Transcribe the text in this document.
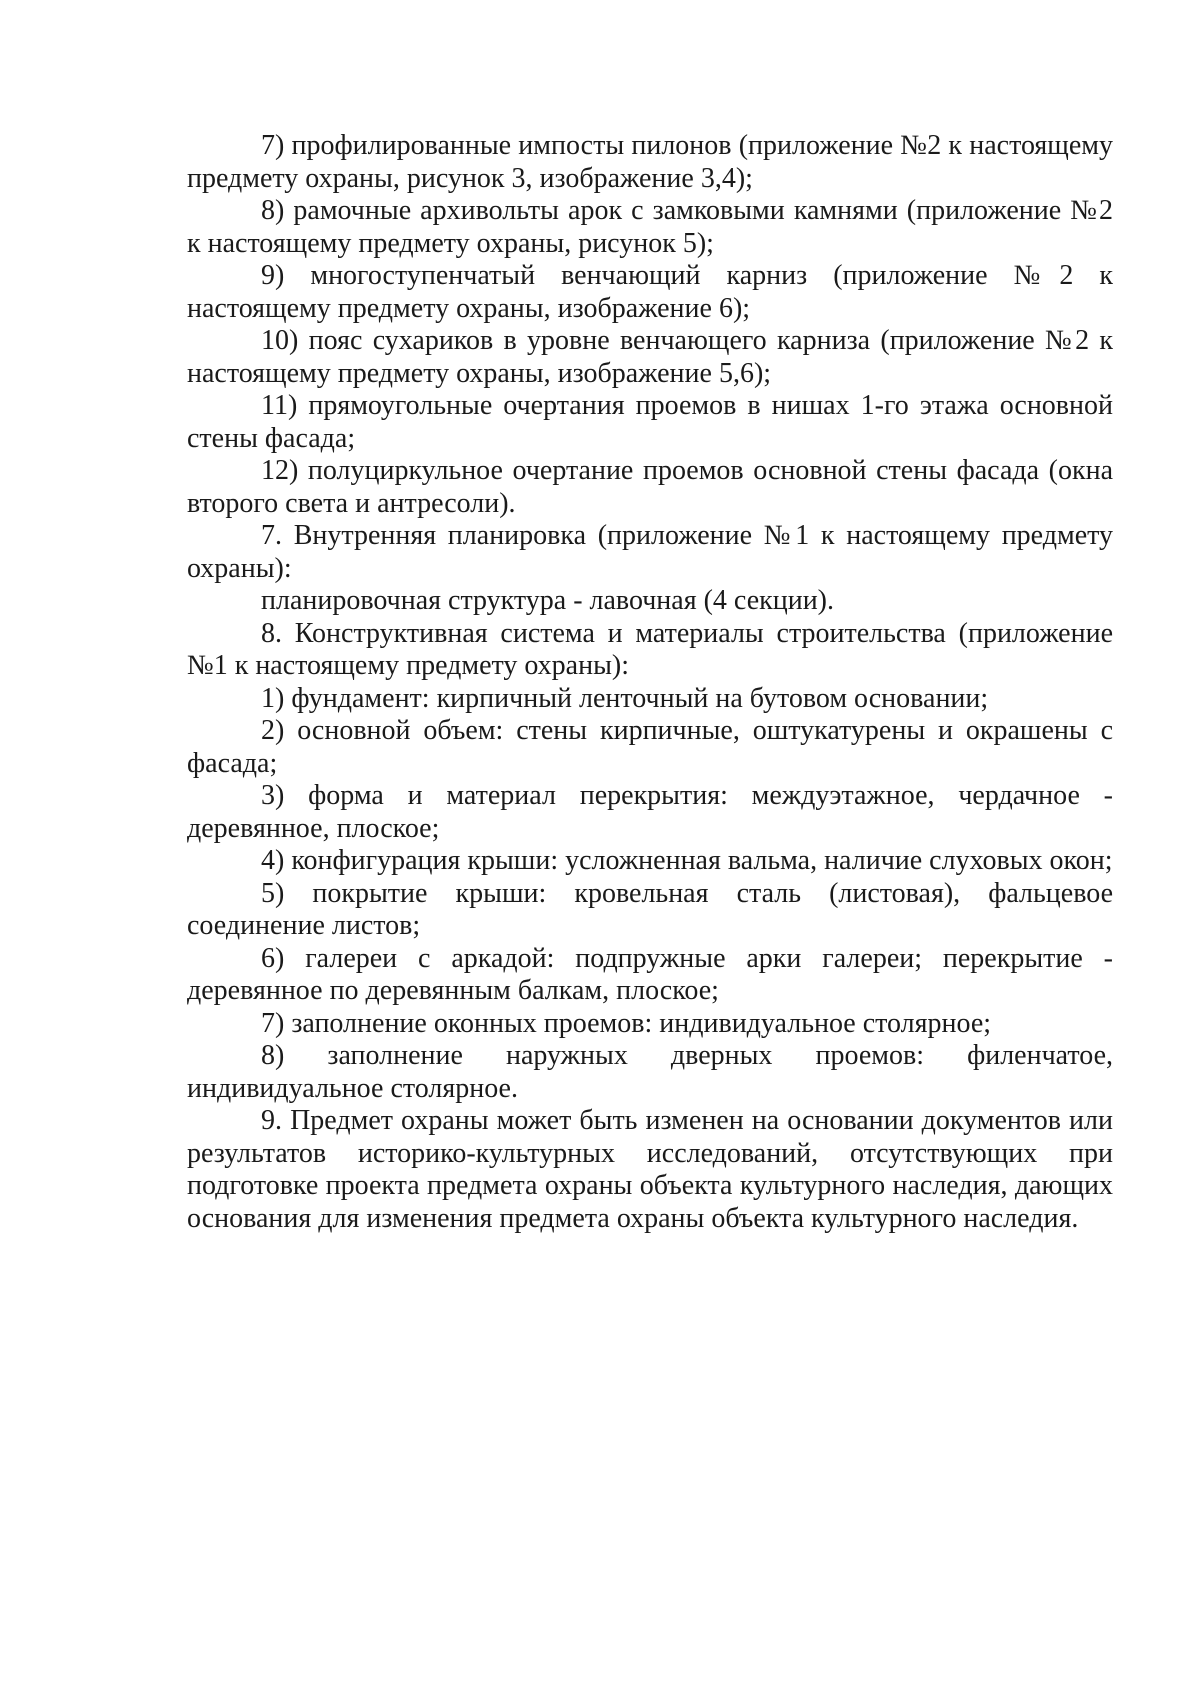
7) профилированные импосты пилонов (приложение №2 к настоящему предмету охраны, рисунок 3, изображение 3,4);

8) рамочные архивольты арок с замковыми камнями (приложение №2 к настоящему предмету охраны, рисунок 5);

9) многоступенчатый венчающий карниз (приложение №2 к настоящему предмету охраны, изображение 6);

10) пояс сухариков в уровне венчающего карниза (приложение №2 к настоящему предмету охраны, изображение 5,6);

11) прямоугольные очертания проемов в нишах 1-го этажа основной стены фасада;

12) полуциркульное очертание проемов основной стены фасада (окна второго света и антресоли).

7. Внутренняя планировка (приложение №1 к настоящему предмету охраны):

планировочная структура - лавочная (4 секции).

8. Конструктивная система и материалы строительства (приложение №1 к настоящему предмету охраны):

1) фундамент: кирпичный ленточный на бутовом основании;

2) основной объем: стены кирпичные, оштукатурены и окрашены с фасада;

3) форма и материал перекрытия: междуэтажное, чердачное - деревянное, плоское;

4) конфигурация крыши: усложненная вальма, наличие слуховых окон;

5) покрытие крыши: кровельная сталь (листовая), фальцевое соединение листов;

6) галереи с аркадой: подпружные арки галереи; перекрытие - деревянное по деревянным балкам, плоское;

7) заполнение оконных проемов: индивидуальное столярное;

8) заполнение наружных дверных проемов: филенчатое, индивидуальное столярное.

9. Предмет охраны может быть изменен на основании документов или результатов историко-культурных исследований, отсутствующих при подготовке проекта предмета охраны объекта культурного наследия, дающих основания для изменения предмета охраны объекта культурного наследия.
